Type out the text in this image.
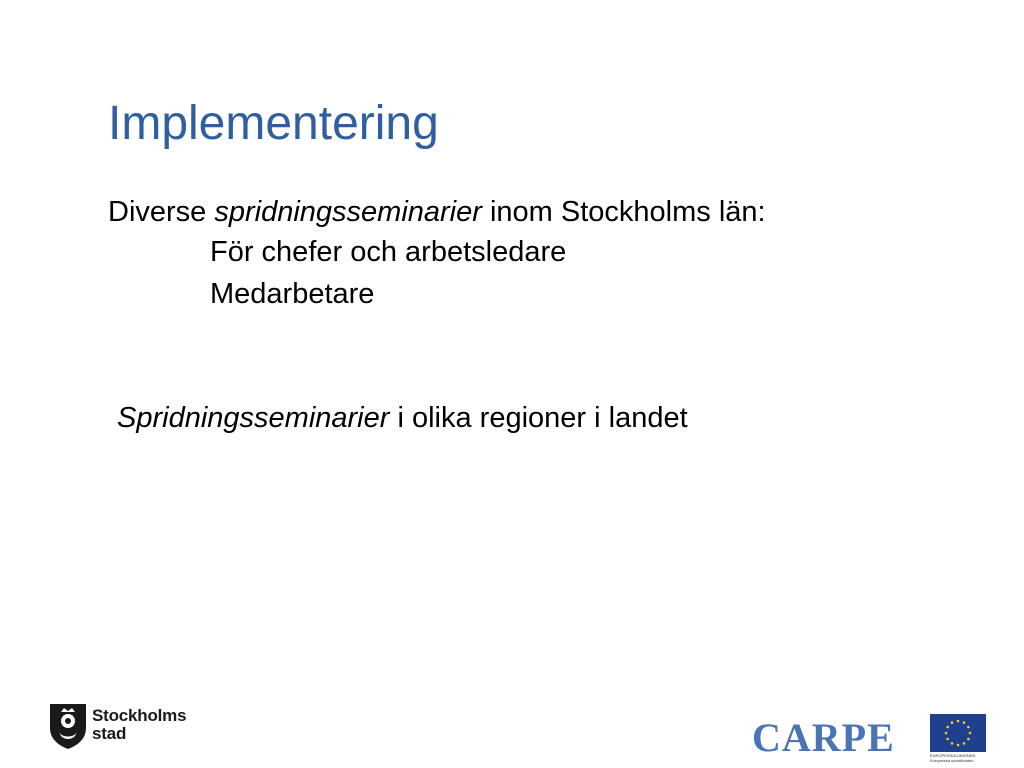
Implementering
Diverse spridningsseminarier inom Stockholms län:
För chefer och arbetsledare
Medarbetare
Spridningsseminarier i olika regioner i landet
Stockholms
stad	CARPE	EUROPEISKA UNIONEN
Europeiska socialfonden
